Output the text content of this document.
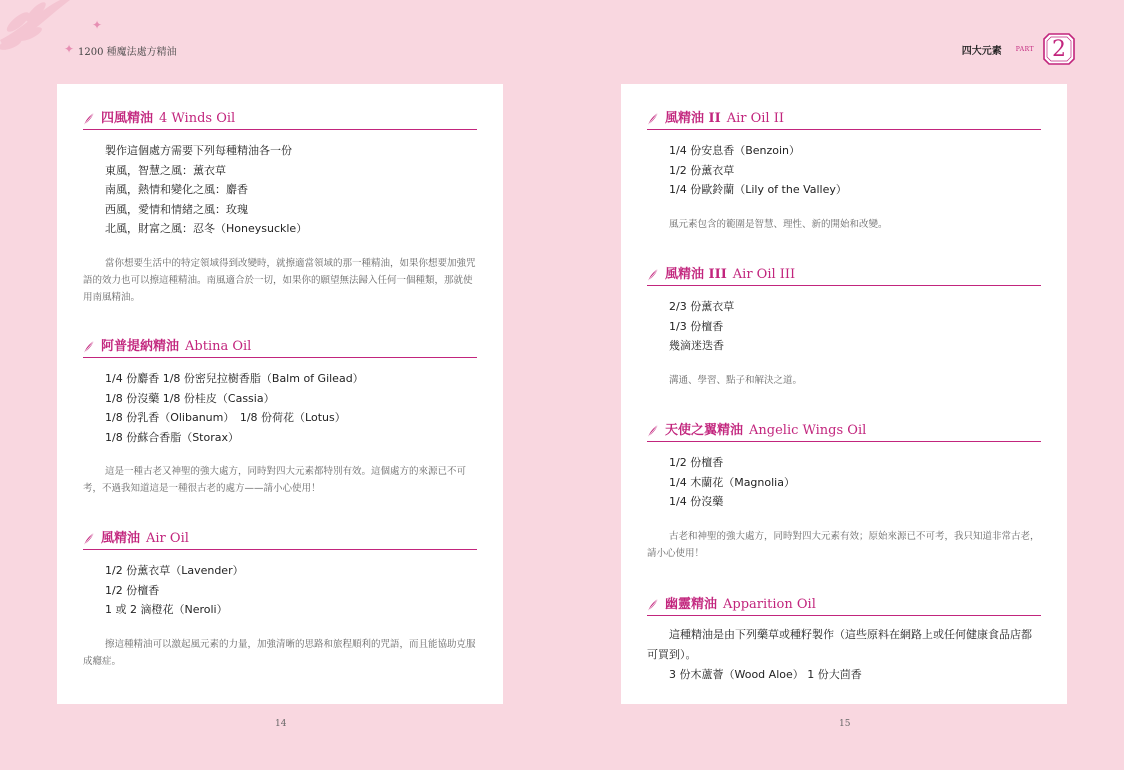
✦
✦ 1200 種魔法處方精油	四大元素 PART 2
四風精油 4 Winds Oil
製作這個處方需要下列每種精油各一份
東風，智慧之風：薰衣草
南風，熱情和變化之風：麝香
西風，愛情和情緒之風：玫瑰
北風，財富之風：忍冬（Honeysuckle）
當你想要生活中的特定領域得到改變時，就擦適當領域的那一種精油，如果你想要加強咒語的效力也可以擦這種精油。南風適合於一切，如果你的願望無法歸入任何一個種類，那就使用南風精油。
阿普提納精油 Abtina Oil
1/4 份麝香 1/8 份密兒拉樹香脂（Balm of Gilead）
1/8 份沒藥 1/8 份桂皮（Cassia）
1/8 份乳香（Olibanum）　1/8 份荷花（Lotus）
1/8 份蘇合香脂（Storax）
這是一種古老又神聖的強大處方，同時對四大元素都特別有效。這個處方的來源已不可考，不過我知道這是一種很古老的處方——請小心使用！
風精油 Air Oil
1/2 份薰衣草（Lavender）
1/2 份檀香
1 或 2 滴橙花（Neroli）
擦這種精油可以激起風元素的力量，加強清晰的思路和旅程順利的咒語，而且能協助克服成癮症。
風精油 II Air Oil II
1/4 份安息香（Benzoin）
1/2 份薰衣草
1/4 份歐鈴蘭（Lily of the Valley）
風元素包含的範圍是智慧、理性、新的開始和改變。
風精油 III Air Oil III
2/3 份薰衣草
1/3 份檀香
幾滴迷迭香
溝通、學習、點子和解決之道。
天使之翼精油 Angelic Wings Oil
1/2 份檀香
1/4 木蘭花（Magnolia）
1/4 份沒藥
古老和神聖的強大處方，同時對四大元素有效；原始來源已不可考，我只知道非常古老，請小心使用！
幽靈精油 Apparition Oil
這種精油是由下列藥草或種籽製作（這些原料在網路上或任何健康食品店都可買到）。
3 份木蘆薈（Wood Aloe） 1 份大茴香
14	15
